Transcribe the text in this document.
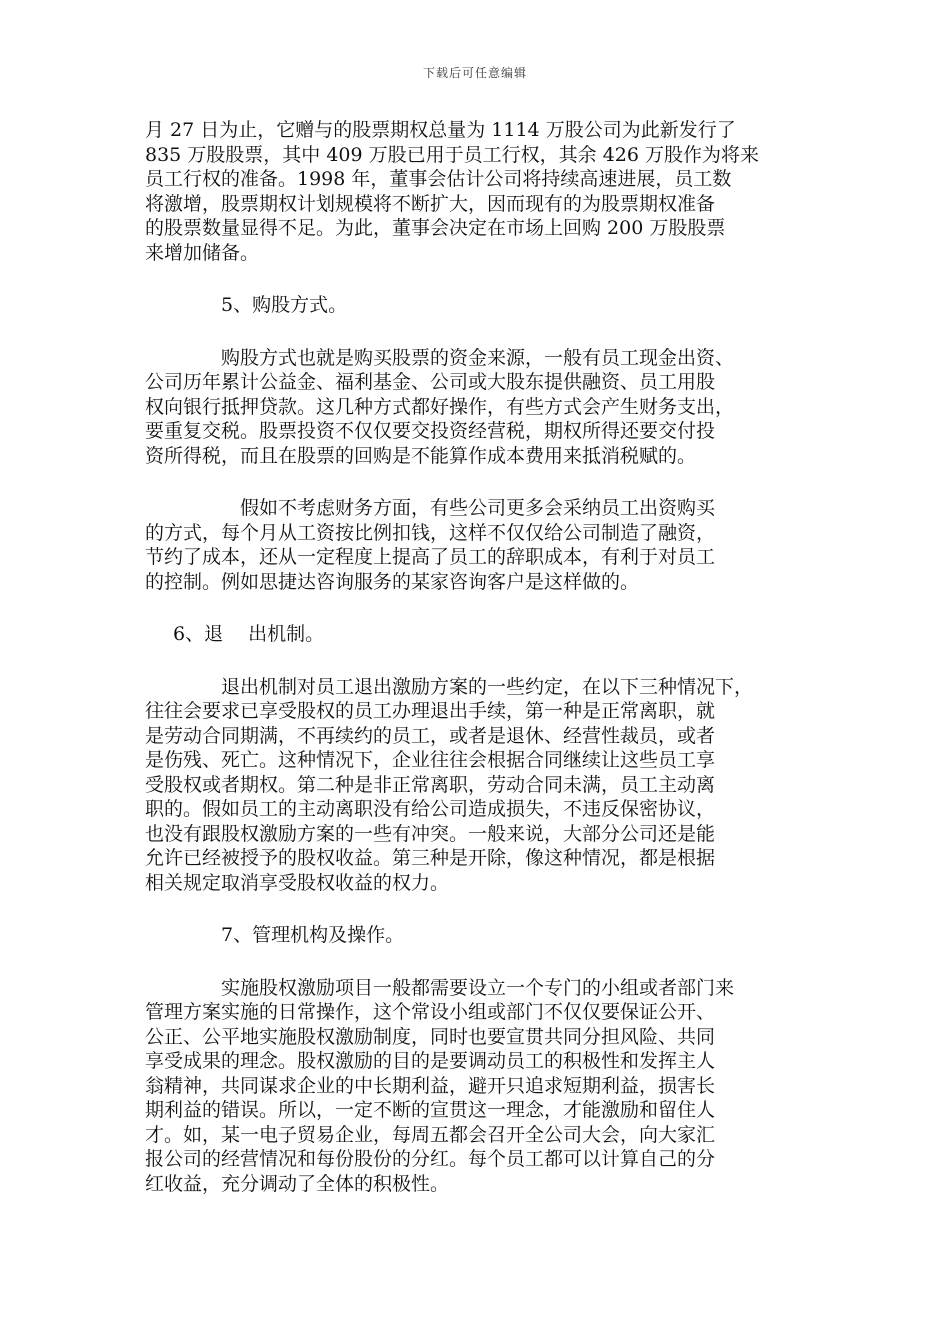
下载后可任意编辑

月 27 日为止，它赠与的股票期权总量为 1114 万股公司为此新发行了

835 万股股票，其中 409 万股已用于员工行权，其余 426 万股作为将来

员工行权的准备。1998 年，董事会估计公司将持续高速进展，员工数

将激增，股票期权计划规模将不断扩大，因而现有的为股票期权准备

的股票数量显得不足。为此，董事会决定在市场上回购 200 万股股票

来增加储备。

5、购股方式。

购股方式也就是购买股票的资金来源，一般有员工现金出资、

公司历年累计公益金、福利基金、公司或大股东提供融资、员工用股

权向银行抵押贷款。这几种方式都好操作，有些方式会产生财务支出，

要重复交税。股票投资不仅仅要交投资经营税，期权所得还要交付投

资所得税，而且在股票的回购是不能算作成本费用来抵消税赋的。

假如不考虑财务方面，有些公司更多会采纳员工出资购买

的方式，每个月从工资按比例扣钱，这样不仅仅给公司制造了融资，

节约了成本，还从一定程度上提高了员工的辞职成本，有利于对员工

的控制。例如思捷达咨询服务的某家咨询客户是这样做的。

6、退　 出机制。

退出机制对员工退出激励方案的一些约定，在以下三种情况下，

往往会要求已享受股权的员工办理退出手续，第一种是正常离职，就

是劳动合同期满，不再续约的员工，或者是退休、经营性裁员，或者

是伤残、死亡。这种情况下，企业往往会根据合同继续让这些员工享

受股权或者期权。第二种是非正常离职，劳动合同未满，员工主动离

职的。假如员工的主动离职没有给公司造成损失，不违反保密协议，

也没有跟股权激励方案的一些有冲突。一般来说，大部分公司还是能

允许已经被授予的股权收益。第三种是开除，像这种情况，都是根据

相关规定取消享受股权收益的权力。

7、管理机构及操作。

实施股权激励项目一般都需要设立一个专门的小组或者部门来

管理方案实施的日常操作，这个常设小组或部门不仅仅要保证公开、

公正、公平地实施股权激励制度，同时也要宣贯共同分担风险、共同

享受成果的理念。股权激励的目的是要调动员工的积极性和发挥主人

翁精神，共同谋求企业的中长期利益，避开只追求短期利益，损害长

期利益的错误。所以，一定不断的宣贯这一理念，才能激励和留住人

才。如，某一电子贸易企业，每周五都会召开全公司大会，向大家汇

报公司的经营情况和每份股份的分红。每个员工都可以计算自己的分

红收益，充分调动了全体的积极性。
